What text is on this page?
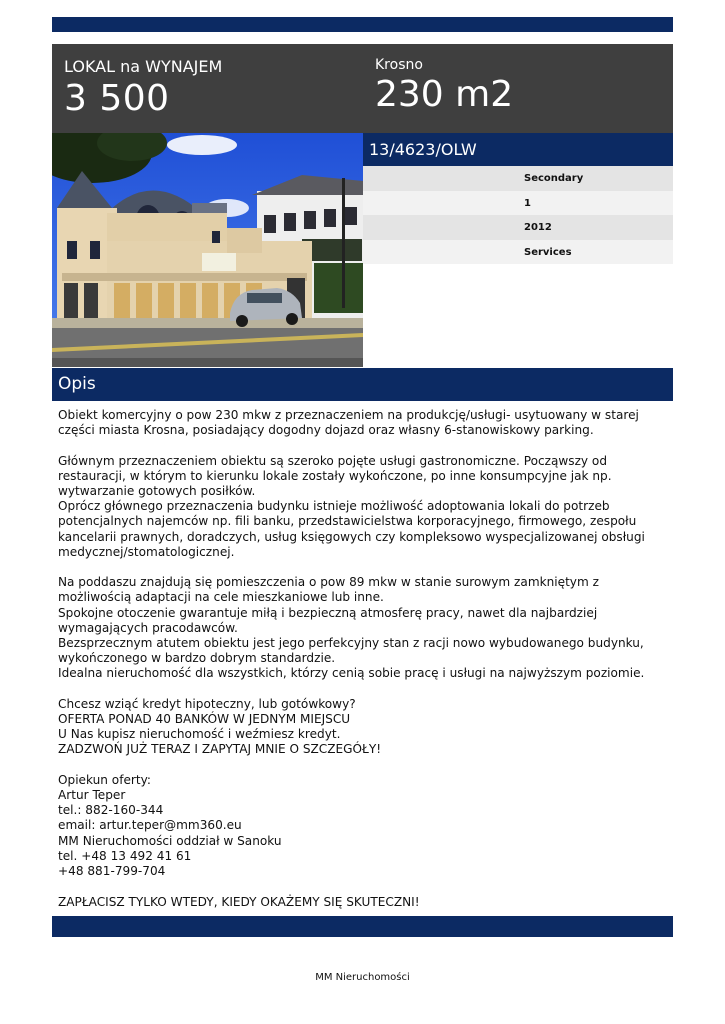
LOKAL na WYNAJEM
3 500
Krosno
230 m2
13/4623/OLW
Secondary
1
2012
Services
Opis

Obiekt komercyjny o pow 230 mkw z przeznaczeniem na produkcję/usługi- usytuowany w starej części miasta Krosna, posiadający dogodny dojazd oraz własny 6-stanowiskowy parking.

Głównym przeznaczeniem obiektu są szeroko pojęte usługi gastronomiczne. Począwszy od restauracji, w którym to kierunku lokale zostały wykończone, po inne konsumpcyjne jak np. wytwarzanie gotowych posiłków.

Oprócz głównego przeznaczenia budynku istnieje możliwość adoptowania lokali do potrzeb potencjalnych najemców np. fili banku, przedstawicielstwa korporacyjnego, firmowego, zespołu kancelarii prawnych, doradczych, usług księgowych czy kompleksowo wyspecjalizowanej obsługi medycznej/stomatologicznej.

Na poddaszu znajdują się pomieszczenia o pow 89 mkw w stanie surowym zamkniętym z możliwością adaptacji na cele mieszkaniowe lub inne.

Spokojne otoczenie gwarantuje miłą i bezpieczną atmosferę pracy, nawet dla najbardziej wymagających pracodawców.

Bezsprzecznym atutem obiektu jest jego perfekcyjny stan z racji nowo wybudowanego budynku, wykończonego w bardzo dobrym standardzie.

Idealna nieruchomość dla wszystkich, którzy cenią sobie pracę i usługi na najwyższym poziomie.

Chcesz wziąć kredyt hipoteczny, lub gotówkowy?

OFERTA PONAD 40 BANKÓW W JEDNYM MIEJSCU

U Nas kupisz nieruchomość i weźmiesz kredyt.

ZADZWOŃ JUŻ TERAZ I ZAPYTAJ MNIE O SZCZEGÓŁY!

Opiekun oferty:

Artur Teper

tel.: 882-160-344

email: artur.teper@mm360.eu

MM Nieruchomości oddział w Sanoku

tel. +48 13 492 41 61

+48 881-799-704

ZAPŁACISZ TYLKO WTEDY, KIEDY OKAŻEMY SIĘ SKUTECZNI!

MM Nieruchomości
